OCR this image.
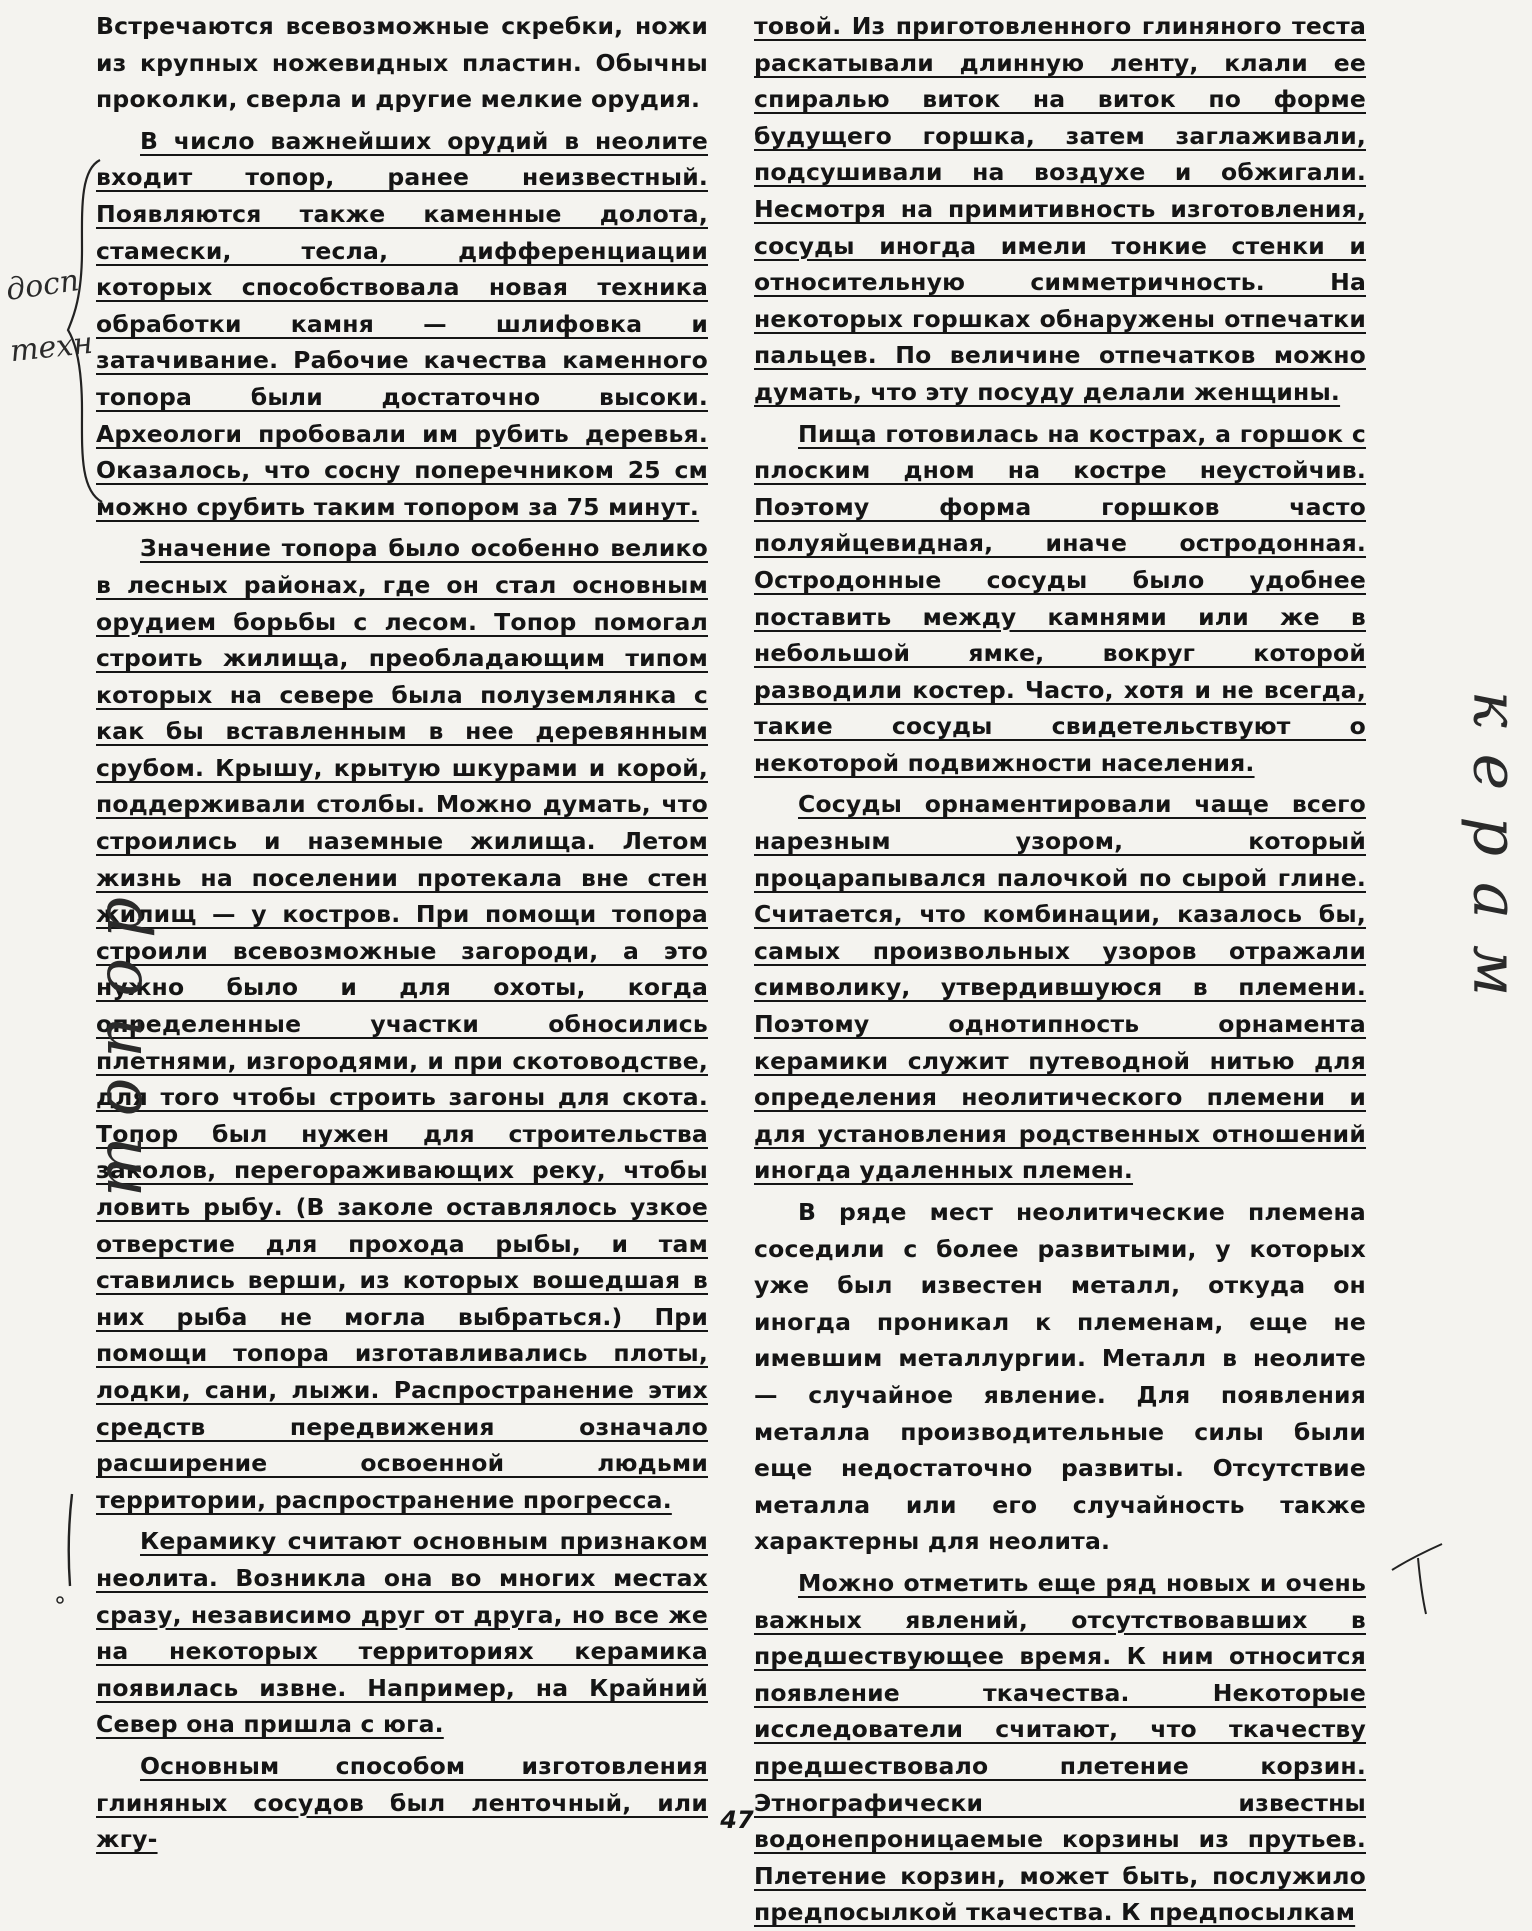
Встречаются всевозможные скребки, ножи из крупных ножевидных пластин. Обычны проколки, сверла и другие мелкие орудия.

В число важнейших орудий в неолите входит топор, ранее неизвестный. Появляются также каменные долота, стамески, тесла, дифференциации которых способствовала новая техника обработки камня — шлифовка и затачивание. Рабочие качества каменного топора были достаточно высоки. Археологи пробовали им рубить деревья. Оказалось, что сосну поперечником 25 см можно срубить таким топором за 75 минут.

Значение топора было особенно велико в лесных районах, где он стал основным орудием борьбы с лесом. Топор помогал строить жилища, преобладающим типом которых на севере была полуземлянка с как бы вставленным в нее деревянным срубом. Крышу, крытую шкурами и корой, поддерживали столбы. Можно думать, что строились и наземные жилища. Летом жизнь на поселении протекала вне стен жилищ — у костров. При помощи топора строили всевозможные загороди, а это нужно было и для охоты, когда определенные участки обносились плетнями, изгородями, и при скотоводстве, для того чтобы строить загоны для скота. Топор был нужен для строительства заколов, перегораживающих реку, чтобы ловить рыбу. (В заколе оставлялось узкое отверстие для прохода рыбы, и там ставились верши, из которых вошедшая в них рыба не могла выбраться.) При помощи топора изготавливались плоты, лодки, сани, лыжи. Распространение этих средств передвижения означало расширение освоенной людьми территории, распространение прогресса.

Керамику считают основным признаком неолита. Возникла она во многих местах сразу, независимо друг от друга, но все же на некоторых территориях керамика появилась извне. Например, на Крайний Север она пришла с юга.

Основным способом изготовления глиняных сосудов был ленточный, или жгу-

товой. Из приготовленного глиняного теста раскатывали длинную ленту, клали ее спиралью виток на виток по форме будущего горшка, затем заглаживали, подсушивали на воздухе и обжигали. Несмотря на примитивность изготовления, сосуды иногда имели тонкие стенки и относительную симметричность. На некоторых горшках обнаружены отпечатки пальцев. По величине отпечатков можно думать, что эту посуду делали женщины.

Пища готовилась на кострах, а горшок с плоским дном на костре неустойчив. Поэтому форма горшков часто полуяйцевидная, иначе остродонная. Остродонные сосуды было удобнее поставить между камнями или же в небольшой ямке, вокруг которой разводили костер. Часто, хотя и не всегда, такие сосуды свидетельствуют о некоторой подвижности населения.

Сосуды орнаментировали чаще всего нарезным узором, который процарапывался палочкой по сырой глине. Считается, что комбинации, казалось бы, самых произвольных узоров отражали символику, утвердившуюся в племени. Поэтому однотипность орнамента керамики служит путеводной нитью для определения неолитического племени и для установления родственных отношений иногда удаленных племен.

В ряде мест неолитические племена соседили с более развитыми, у которых уже был известен металл, откуда он иногда проникал к племенам, еще не имевшим металлургии. Металл в неолите — случайное явление. Для появления металла производительные силы были еще недостаточно развиты. Отсутствие металла или его случайность также характерны для неолита.

Можно отметить еще ряд новых и очень важных явлений, отсутствовавших в предшествующее время. К ним относится появление ткачества. Некоторые исследователи считают, что ткачеству предшествовало плетение корзин. Этнографически известны водонепроницаемые корзины из прутьев. Плетение корзин, может быть, послужило предпосылкой ткачества. К предпосылкам

47
досп
техн
топор
керам
